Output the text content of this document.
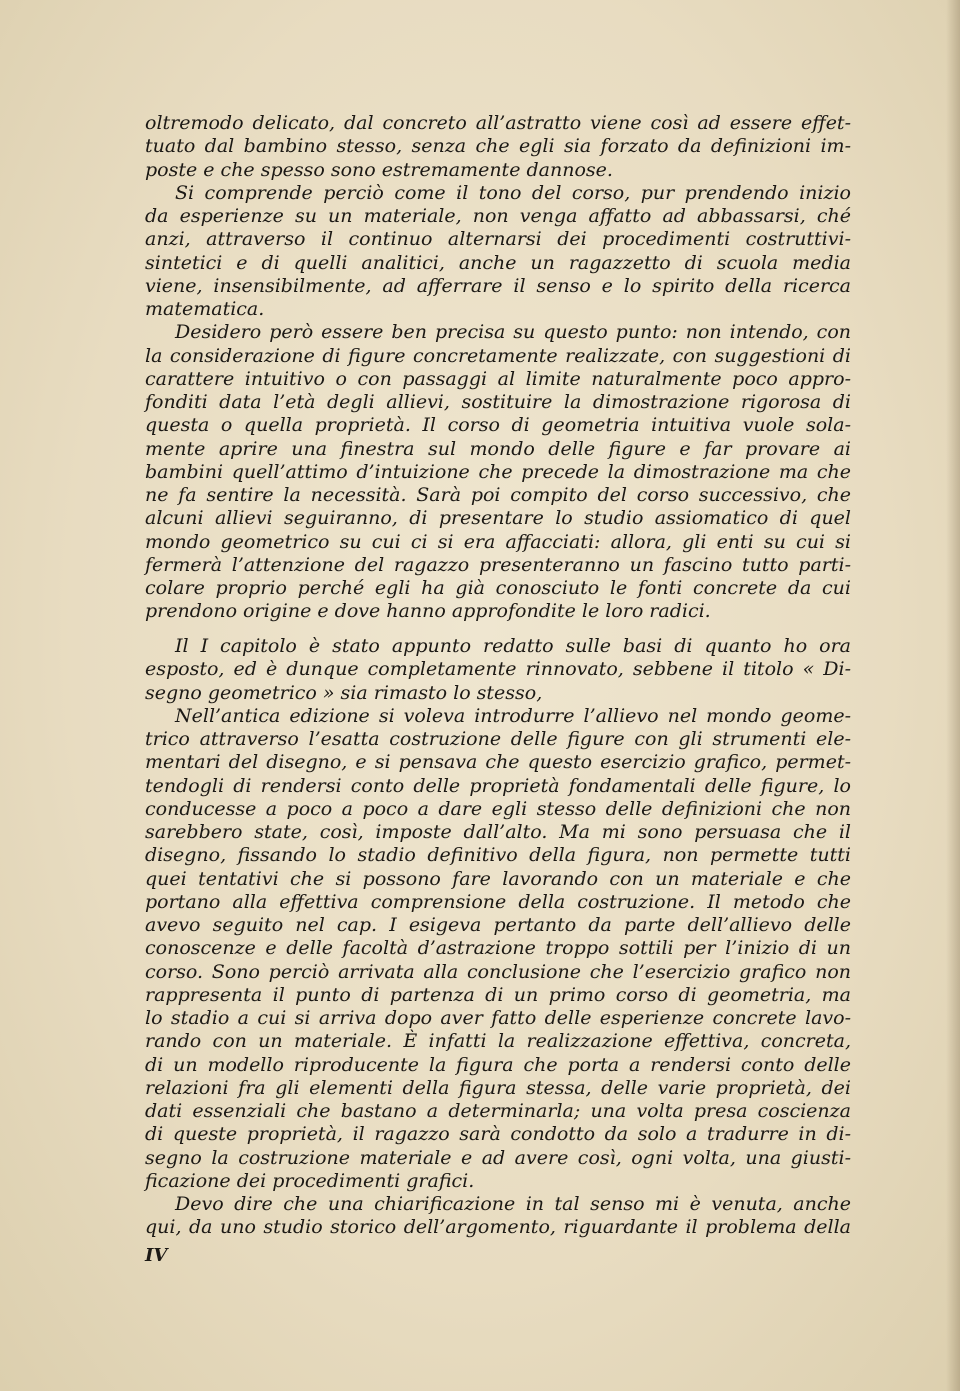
oltremodo delicato, dal concreto all’astratto viene così ad essere effet-
tuato dal bambino stesso, senza che egli sia forzato da definizioni im-
poste e che spesso sono estremamente dannose.
Si comprende perciò come il tono del corso, pur prendendo inizio
da esperienze su un materiale, non venga affatto ad abbassarsi, ché
anzi, attraverso il continuo alternarsi dei procedimenti costruttivi-
sintetici e di quelli analitici, anche un ragazzetto di scuola media
viene, insensibilmente, ad afferrare il senso e lo spirito della ricerca
matematica.
Desidero però essere ben precisa su questo punto: non intendo, con
la considerazione di figure concretamente realizzate, con suggestioni di
carattere intuitivo o con passaggi al limite naturalmente poco appro-
fonditi data l’età degli allievi, sostituire la dimostrazione rigorosa di
questa o quella proprietà. Il corso di geometria intuitiva vuole sola-
mente aprire una finestra sul mondo delle figure e far provare ai
bambini quell’attimo d’intuizione che precede la dimostrazione ma che
ne fa sentire la necessità. Sarà poi compito del corso successivo, che
alcuni allievi seguiranno, di presentare lo studio assiomatico di quel
mondo geometrico su cui ci si era affacciati: allora, gli enti su cui si
fermerà l’attenzione del ragazzo presenteranno un fascino tutto parti-
colare proprio perché egli ha già conosciuto le fonti concrete da cui
prendono origine e dove hanno approfondite le loro radici.
Il I capitolo è stato appunto redatto sulle basi di quanto ho ora
esposto, ed è dunque completamente rinnovato, sebbene il titolo « Di-
segno geometrico » sia rimasto lo stesso,
Nell’antica edizione si voleva introdurre l’allievo nel mondo geome-
trico attraverso l’esatta costruzione delle figure con gli strumenti ele-
mentari del disegno, e si pensava che questo esercizio grafico, permet-
tendogli di rendersi conto delle proprietà fondamentali delle figure, lo
conducesse a poco a poco a dare egli stesso delle definizioni che non
sarebbero state, così, imposte dall’alto. Ma mi sono persuasa che il
disegno, fissando lo stadio definitivo della figura, non permette tutti
quei tentativi che si possono fare lavorando con un materiale e che
portano alla effettiva comprensione della costruzione. Il metodo che
avevo seguito nel cap. I esigeva pertanto da parte dell’allievo delle
conoscenze e delle facoltà d’astrazione troppo sottili per l’inizio di un
corso. Sono perciò arrivata alla conclusione che l’esercizio grafico non
rappresenta il punto di partenza di un primo corso di geometria, ma
lo stadio a cui si arriva dopo aver fatto delle esperienze concrete lavo-
rando con un materiale. È infatti la realizzazione effettiva, concreta,
di un modello riproducente la figura che porta a rendersi conto delle
relazioni fra gli elementi della figura stessa, delle varie proprietà, dei
dati essenziali che bastano a determinarla; una volta presa coscienza
di queste proprietà, il ragazzo sarà condotto da solo a tradurre in di-
segno la costruzione materiale e ad avere così, ogni volta, una giusti-
ficazione dei procedimenti grafici.
Devo dire che una chiarificazione in tal senso mi è venuta, anche
qui, da uno studio storico dell’argomento, riguardante il problema della
IV
